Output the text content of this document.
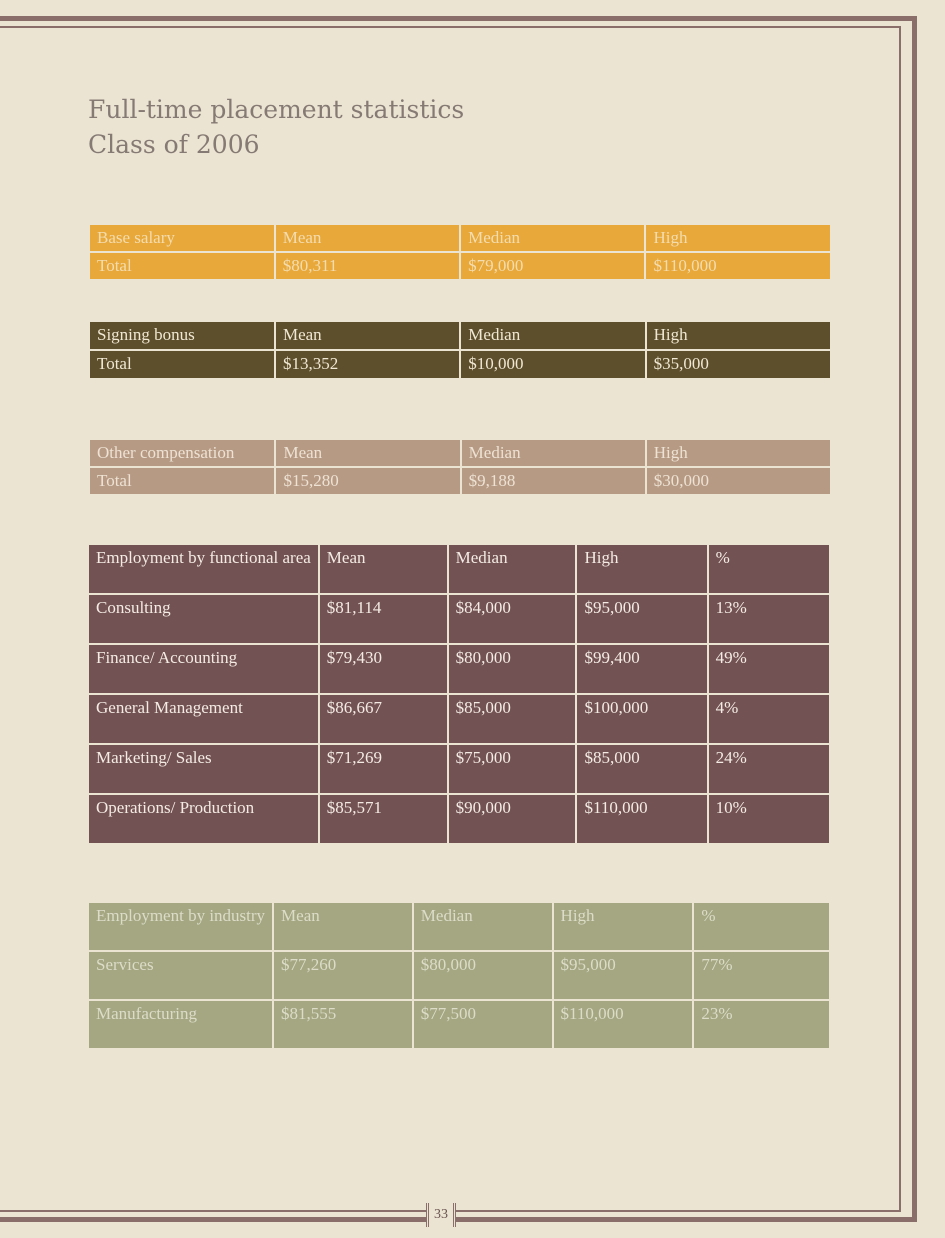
Full-time placement statistics
Class of 2006
Base salary	Mean	Median	High
Total	$80,311	$79,000	$110,000
Signing bonus	Mean	Median	High
Total	$13,352	$10,000	$35,000
Other compensation	Mean	Median	High
Total	$15,280	$9,188	$30,000
Employment by functional area	Mean	Median	High	%
Consulting	$81,114	$84,000	$95,000	13%
Finance/ Accounting	$79,430	$80,000	$99,400	49%
General Management	$86,667	$85,000	$100,000	4%
Marketing/ Sales	$71,269	$75,000	$85,000	24%
Operations/ Production	$85,571	$90,000	$110,000	10%
Employment by industry	Mean	Median	High	%
Services	$77,260	$80,000	$95,000	77%
Manufacturing	$81,555	$77,500	$110,000	23%
33
